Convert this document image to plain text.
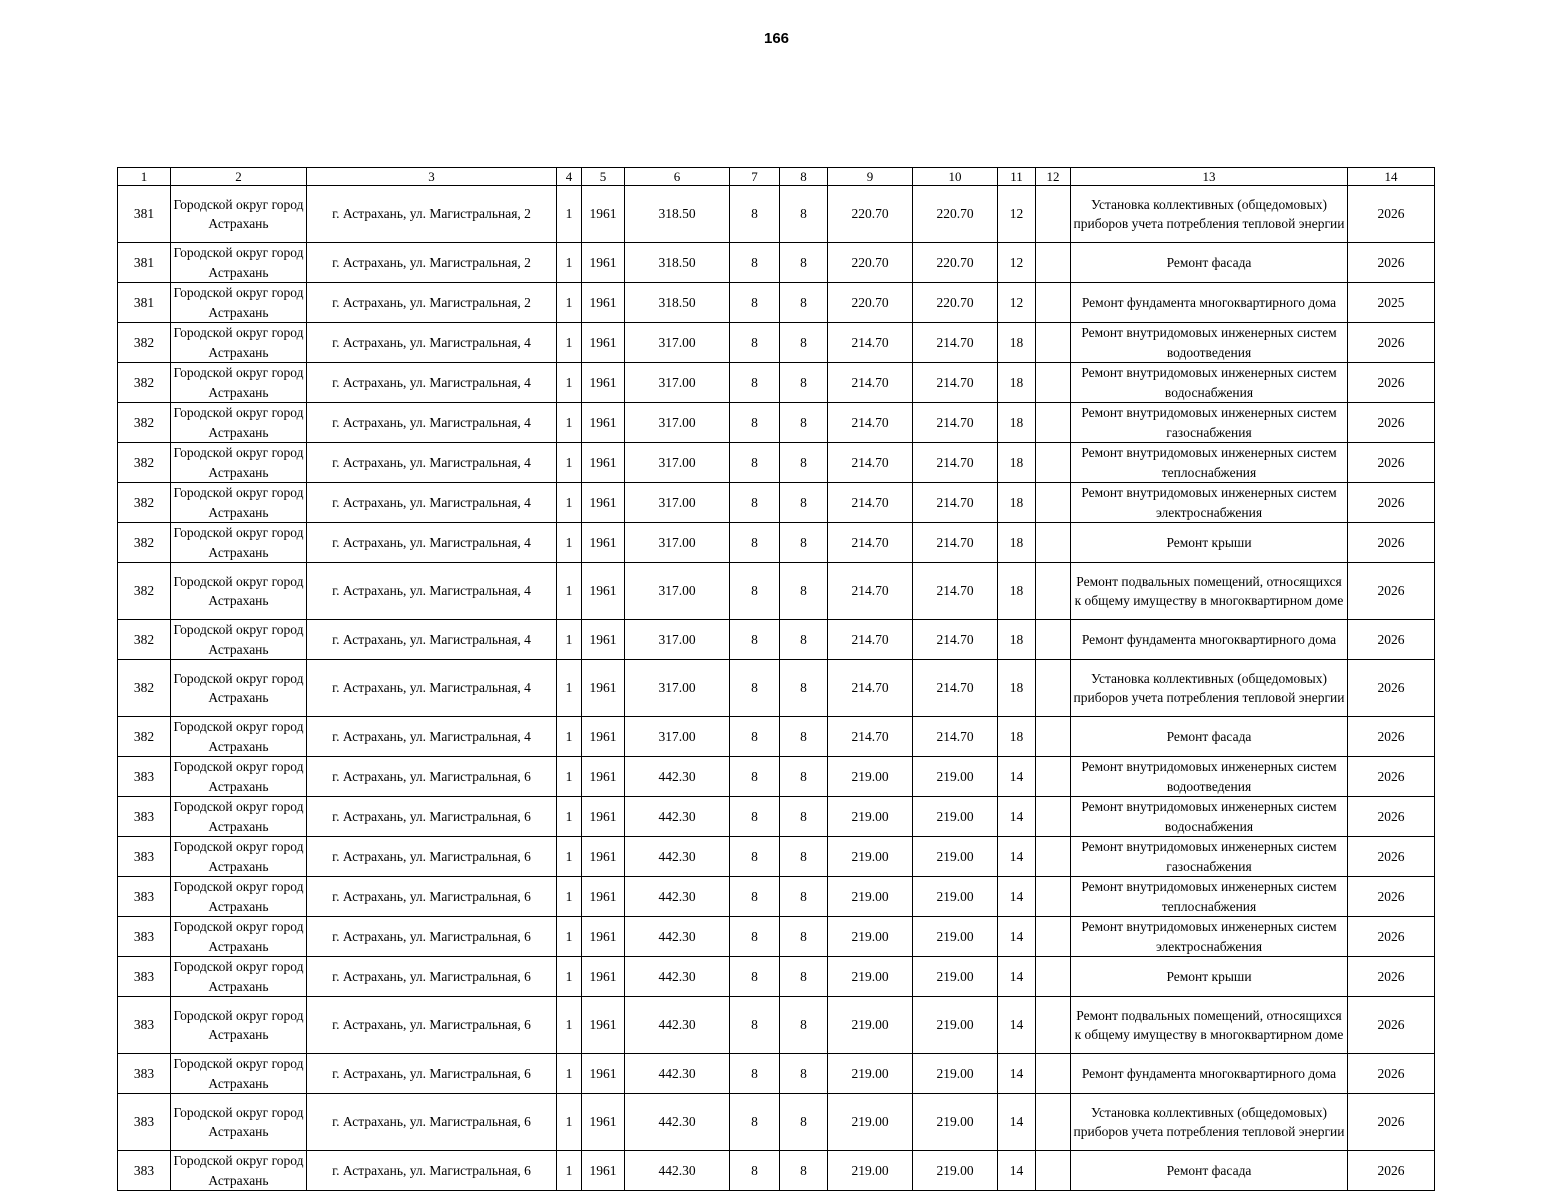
166
1	2	3	4	5	6	7	8	9	10	11	12	13	14
381	Городской округ город Астрахань	г. Астрахань, ул. Магистральная, 2	1	1961	318.50	8	8	220.70	220.70	12		Установка коллективных (общедомовых) приборов учета потребления тепловой энергии	2026
381	Городской округ город Астрахань	г. Астрахань, ул. Магистральная, 2	1	1961	318.50	8	8	220.70	220.70	12		Ремонт фасада	2026
381	Городской округ город Астрахань	г. Астрахань, ул. Магистральная, 2	1	1961	318.50	8	8	220.70	220.70	12		Ремонт фундамента многоквартирного дома	2025
382	Городской округ город Астрахань	г. Астрахань, ул. Магистральная, 4	1	1961	317.00	8	8	214.70	214.70	18		Ремонт внутридомовых инженерных систем водоотведения	2026
382	Городской округ город Астрахань	г. Астрахань, ул. Магистральная, 4	1	1961	317.00	8	8	214.70	214.70	18		Ремонт внутридомовых инженерных систем водоснабжения	2026
382	Городской округ город Астрахань	г. Астрахань, ул. Магистральная, 4	1	1961	317.00	8	8	214.70	214.70	18		Ремонт внутридомовых инженерных систем газоснабжения	2026
382	Городской округ город Астрахань	г. Астрахань, ул. Магистральная, 4	1	1961	317.00	8	8	214.70	214.70	18		Ремонт внутридомовых инженерных систем теплоснабжения	2026
382	Городской округ город Астрахань	г. Астрахань, ул. Магистральная, 4	1	1961	317.00	8	8	214.70	214.70	18		Ремонт внутридомовых инженерных систем электроснабжения	2026
382	Городской округ город Астрахань	г. Астрахань, ул. Магистральная, 4	1	1961	317.00	8	8	214.70	214.70	18		Ремонт крыши	2026
382	Городской округ город Астрахань	г. Астрахань, ул. Магистральная, 4	1	1961	317.00	8	8	214.70	214.70	18		Ремонт подвальных помещений, относящихся к общему имуществу в многоквартирном доме	2026
382	Городской округ город Астрахань	г. Астрахань, ул. Магистральная, 4	1	1961	317.00	8	8	214.70	214.70	18		Ремонт фундамента многоквартирного дома	2026
382	Городской округ город Астрахань	г. Астрахань, ул. Магистральная, 4	1	1961	317.00	8	8	214.70	214.70	18		Установка коллективных (общедомовых) приборов учета потребления тепловой энергии	2026
382	Городской округ город Астрахань	г. Астрахань, ул. Магистральная, 4	1	1961	317.00	8	8	214.70	214.70	18		Ремонт фасада	2026
383	Городской округ город Астрахань	г. Астрахань, ул. Магистральная, 6	1	1961	442.30	8	8	219.00	219.00	14		Ремонт внутридомовых инженерных систем водоотведения	2026
383	Городской округ город Астрахань	г. Астрахань, ул. Магистральная, 6	1	1961	442.30	8	8	219.00	219.00	14		Ремонт внутридомовых инженерных систем водоснабжения	2026
383	Городской округ город Астрахань	г. Астрахань, ул. Магистральная, 6	1	1961	442.30	8	8	219.00	219.00	14		Ремонт внутридомовых инженерных систем газоснабжения	2026
383	Городской округ город Астрахань	г. Астрахань, ул. Магистральная, 6	1	1961	442.30	8	8	219.00	219.00	14		Ремонт внутридомовых инженерных систем теплоснабжения	2026
383	Городской округ город Астрахань	г. Астрахань, ул. Магистральная, 6	1	1961	442.30	8	8	219.00	219.00	14		Ремонт внутридомовых инженерных систем электроснабжения	2026
383	Городской округ город Астрахань	г. Астрахань, ул. Магистральная, 6	1	1961	442.30	8	8	219.00	219.00	14		Ремонт крыши	2026
383	Городской округ город Астрахань	г. Астрахань, ул. Магистральная, 6	1	1961	442.30	8	8	219.00	219.00	14		Ремонт подвальных помещений, относящихся к общему имуществу в многоквартирном доме	2026
383	Городской округ город Астрахань	г. Астрахань, ул. Магистральная, 6	1	1961	442.30	8	8	219.00	219.00	14		Ремонт фундамента многоквартирного дома	2026
383	Городской округ город Астрахань	г. Астрахань, ул. Магистральная, 6	1	1961	442.30	8	8	219.00	219.00	14		Установка коллективных (общедомовых) приборов учета потребления тепловой энергии	2026
383	Городской округ город Астрахань	г. Астрахань, ул. Магистральная, 6	1	1961	442.30	8	8	219.00	219.00	14		Ремонт фасада	2026
